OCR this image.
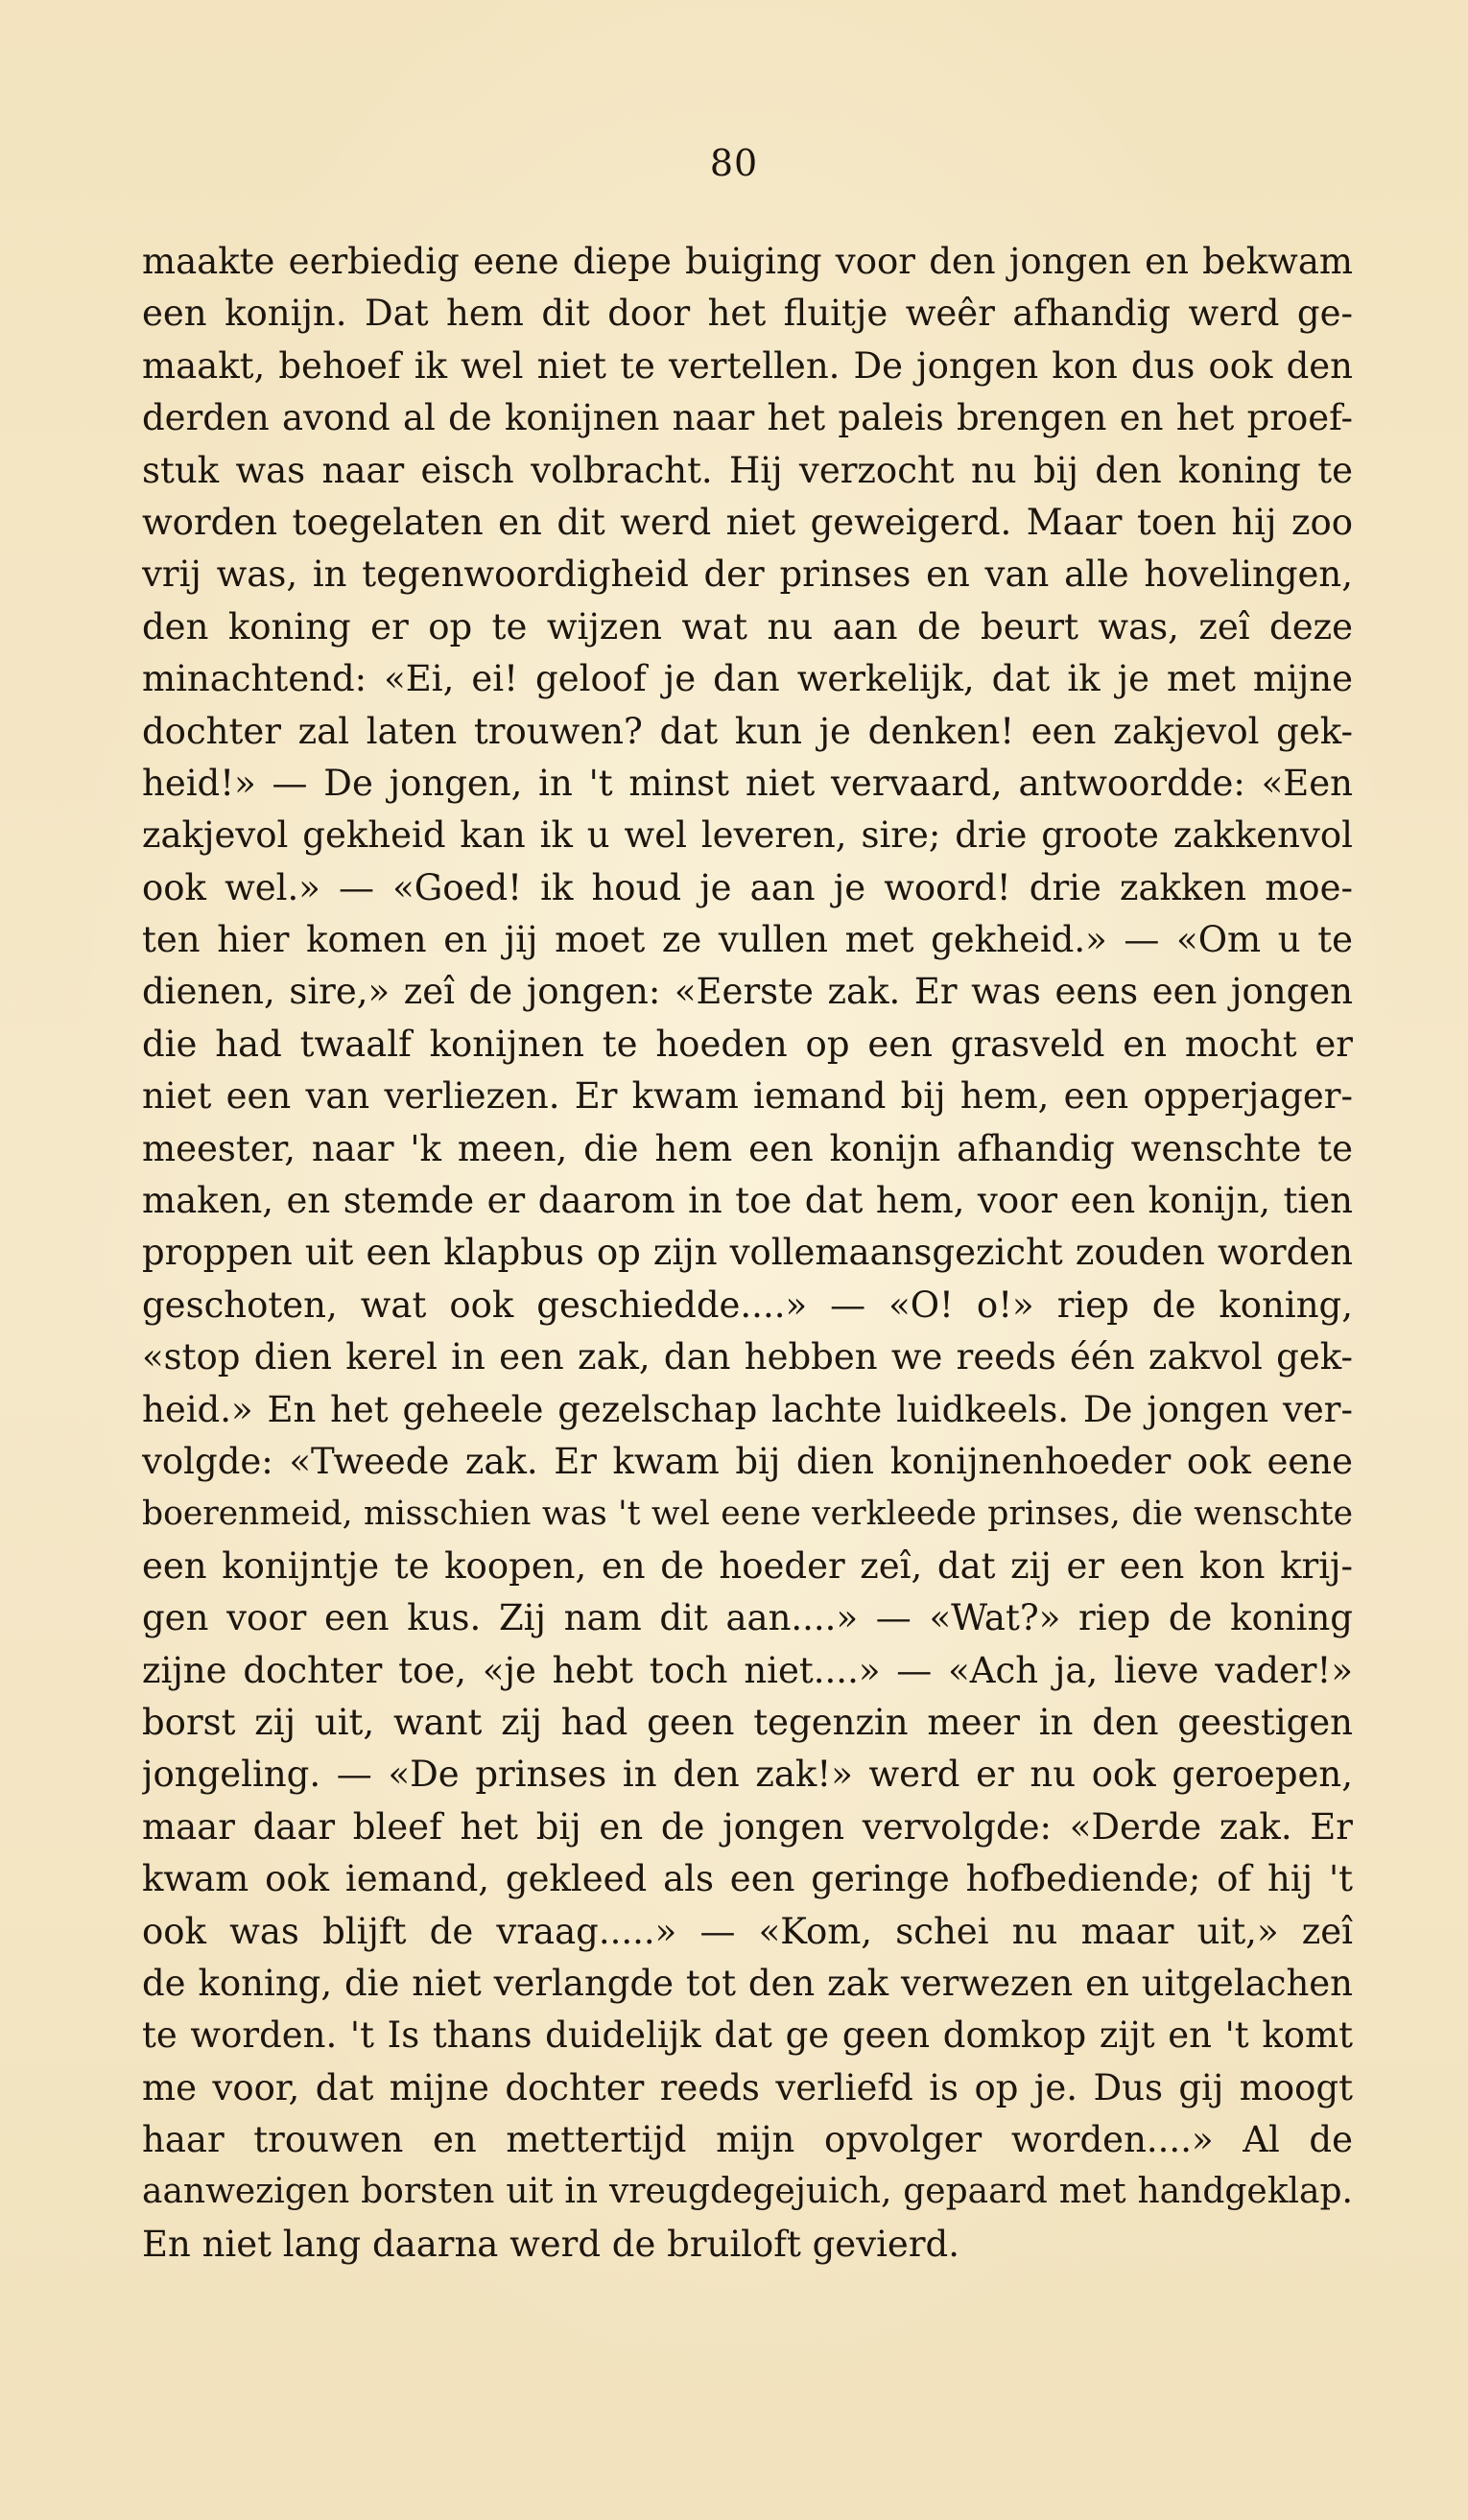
80
maakte eerbiedig eene diepe buiging voor den jongen en bekwam
een konijn. Dat hem dit door het fluitje weêr afhandig werd ge-
maakt, behoef ik wel niet te vertellen. De jongen kon dus ook den
derden avond al de konijnen naar het paleis brengen en het proef-
stuk was naar eisch volbracht. Hij verzocht nu bij den koning te
worden toegelaten en dit werd niet geweigerd. Maar toen hij zoo
vrij was, in tegenwoordigheid der prinses en van alle hovelingen,
den koning er op te wijzen wat nu aan de beurt was, zeî deze
minachtend: «Ei, ei! geloof je dan werkelijk, dat ik je met mijne
dochter zal laten trouwen? dat kun je denken! een zakjevol gek-
heid!» — De jongen, in 't minst niet vervaard, antwoordde: «Een
zakjevol gekheid kan ik u wel leveren, sire; drie groote zakkenvol
ook wel.» — «Goed! ik houd je aan je woord! drie zakken moe-
ten hier komen en jij moet ze vullen met gekheid.» — «Om u te
dienen, sire,» zeî de jongen: «Eerste zak. Er was eens een jongen
die had twaalf konijnen te hoeden op een grasveld en mocht er
niet een van verliezen. Er kwam iemand bij hem, een opperjager-
meester, naar 'k meen, die hem een konijn afhandig wenschte te
maken, en stemde er daarom in toe dat hem, voor een konijn, tien
proppen uit een klapbus op zijn vollemaansgezicht zouden worden
geschoten, wat ook geschiedde....» — «O! o!» riep de koning,
«stop dien kerel in een zak, dan hebben we reeds één zakvol gek-
heid.» En het geheele gezelschap lachte luidkeels. De jongen ver-
volgde: «Tweede zak. Er kwam bij dien konijnenhoeder ook eene
boerenmeid, misschien was 't wel eene verkleede prinses, die wenschte
een konijntje te koopen, en de hoeder zeî, dat zij er een kon krij-
gen voor een kus. Zij nam dit aan....» — «Wat?» riep de koning
zijne dochter toe, «je hebt toch niet....» — «Ach ja, lieve vader!»
borst zij uit, want zij had geen tegenzin meer in den geestigen
jongeling. — «De prinses in den zak!» werd er nu ook geroepen,
maar daar bleef het bij en de jongen vervolgde: «Derde zak. Er
kwam ook iemand, gekleed als een geringe hofbediende; of hij 't
ook was blijft de vraag.....» — «Kom, schei nu maar uit,» zeî
de koning, die niet verlangde tot den zak verwezen en uitgelachen
te worden. 't Is thans duidelijk dat ge geen domkop zijt en 't komt
me voor, dat mijne dochter reeds verliefd is op je. Dus gij moogt
haar trouwen en mettertijd mijn opvolger worden....» Al de
aanwezigen borsten uit in vreugdegejuich, gepaard met handgeklap.
En niet lang daarna werd de bruiloft gevierd.
